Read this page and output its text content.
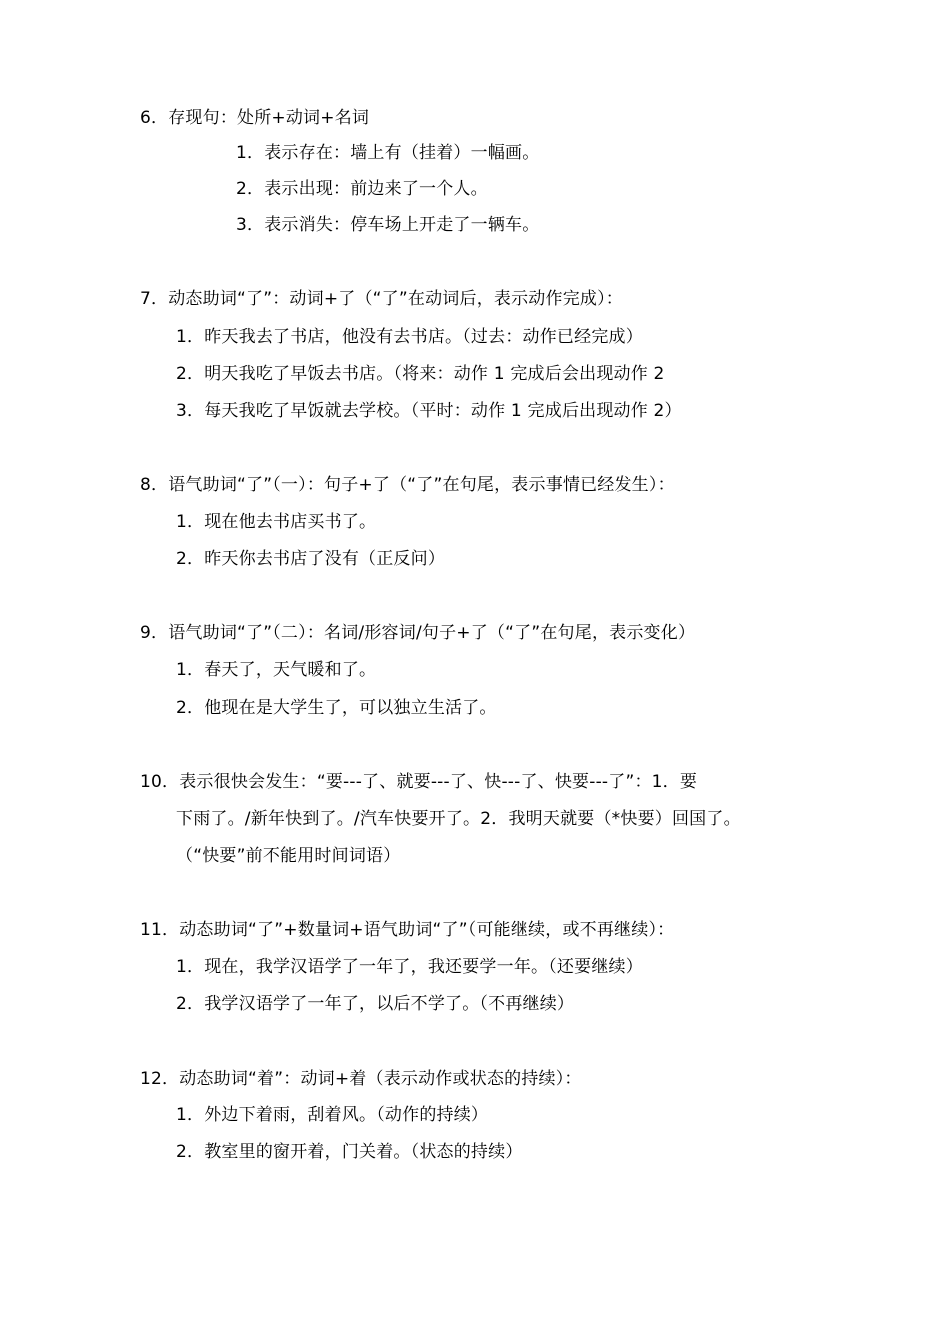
6．存现句：处所+动词+名词
1．表示存在：墙上有（挂着）一幅画。
2．表示出现：前边来了一个人。
3．表示消失：停车场上开走了一辆车。
7．动态助词“了”：动词+了（“了”在动词后，表示动作完成）：
1．昨天我去了书店，他没有去书店。（过去：动作已经完成）
2．明天我吃了早饭去书店。（将来：动作 1 完成后会出现动作 2
3．每天我吃了早饭就去学校。（平时：动作 1 完成后出现动作 2）
8．语气助词“了”（一）：句子+了（“了”在句尾，表示事情已经发生）：
1．现在他去书店买书了。
2．昨天你去书店了没有（正反问）
9．语气助词“了”（二）：名词/形容词/句子+了（“了”在句尾，表示变化）
1．春天了，天气暖和了。
2．他现在是大学生了，可以独立生活了。
10．表示很快会发生：“要---了、就要---了、快---了、快要---了”：1．要
下雨了。/新年快到了。/汽车快要开了。2．我明天就要（*快要）回国了。
（“快要”前不能用时间词语）
11．动态助词“了”+数量词+语气助词“了”（可能继续，或不再继续）：
1．现在，我学汉语学了一年了，我还要学一年。（还要继续）
2．我学汉语学了一年了，以后不学了。（不再继续）
12．动态助词“着”：动词+着（表示动作或状态的持续）：
1．外边下着雨，刮着风。（动作的持续）
2．教室里的窗开着，门关着。（状态的持续）
